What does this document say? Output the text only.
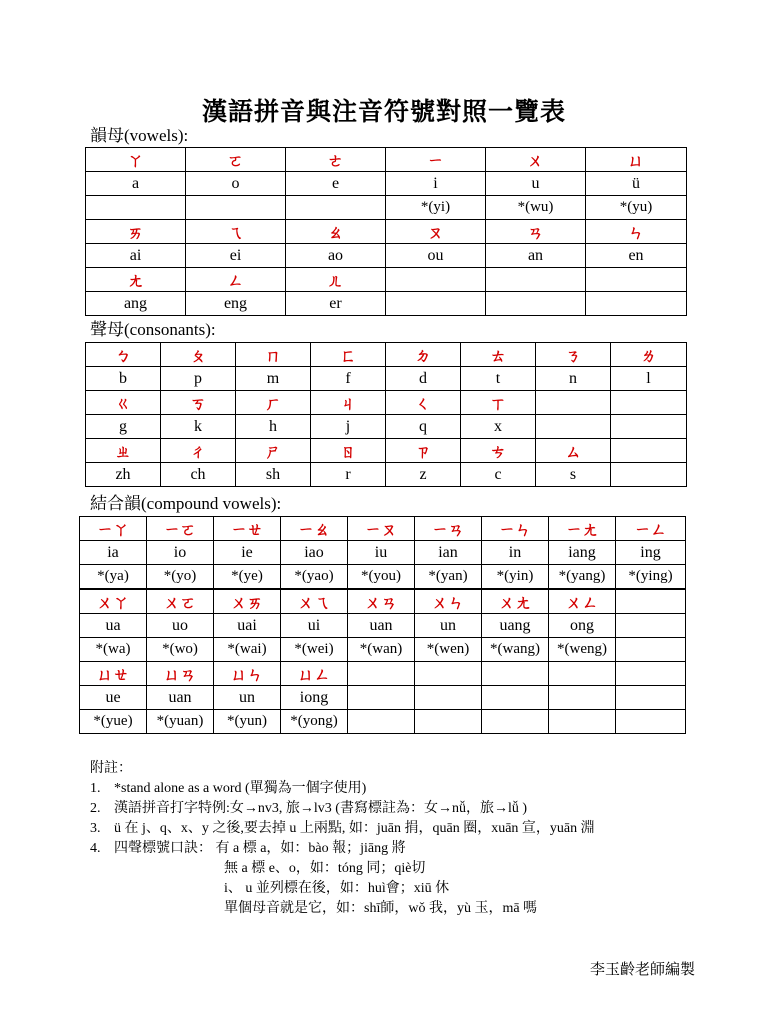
漢語拼音與注音符號對照一覽表
韻母(vowels):
ㄚ	ㄛ	ㄜ	ㄧ	ㄨ	ㄩ
a	o	e	i	u	ü
			*(yi)	*(wu)	*(yu)
ㄞ	ㄟ	ㄠ	ㄡ	ㄢ	ㄣ
ai	ei	ao	ou	an	en
ㄤ	ㄥ	ㄦ			
ang	eng	er			
聲母(consonants):
ㄅ	ㄆ	ㄇ	ㄈ	ㄉ	ㄊ	ㄋ	ㄌ
b	p	m	f	d	t	n	l
ㄍ	ㄎ	ㄏ	ㄐ	ㄑ	ㄒ		
g	k	h	j	q	x		
ㄓ	ㄔ	ㄕ	ㄖ	ㄗ	ㄘ	ㄙ	
zh	ch	sh	r	z	c	s	
結合韻(compound vowels):
ㄧㄚ	ㄧㄛ	ㄧㄝ	ㄧㄠ	ㄧㄡ	ㄧㄢ	ㄧㄣ	ㄧㄤ	ㄧㄥ
ia	io	ie	iao	iu	ian	in	iang	ing
*(ya)	*(yo)	*(ye)	*(yao)	*(you)	*(yan)	*(yin)	*(yang)	*(ying)
ㄨㄚ	ㄨㄛ	ㄨㄞ	ㄨㄟ	ㄨㄢ	ㄨㄣ	ㄨㄤ	ㄨㄥ	
ua	uo	uai	ui	uan	un	uang	ong	
*(wa)	*(wo)	*(wai)	*(wei)	*(wan)	*(wen)	*(wang)	*(weng)	
ㄩㄝ	ㄩㄢ	ㄩㄣ	ㄩㄥ					
ue	uan	un	iong					
*(yue)	*(yuan)	*(yun)	*(yong)					
附註：
1. *stand alone as a word (單獨為一個字使用)
2. 漢語拼音打字特例:女→nv3, 旅→lv3 (書寫標註為：女→nǚ，旅→lǚ )
3. ü 在 j、q、x、y 之後,要去掉 u 上兩點, 如：juān 捐，quān 圈，xuān 宣，yuān 淵
4. 四聲標號口訣： 有 a 標 a，如：bào 報；jiāng 將
無 a 標 e、o，如：tóng 同；qiè切
i、 u 並列標在後，如：huì會；xiū 休
單個母音就是它，如：shī師，wǒ 我，yù 玉，mā 嗎
李玉齡老師編製
